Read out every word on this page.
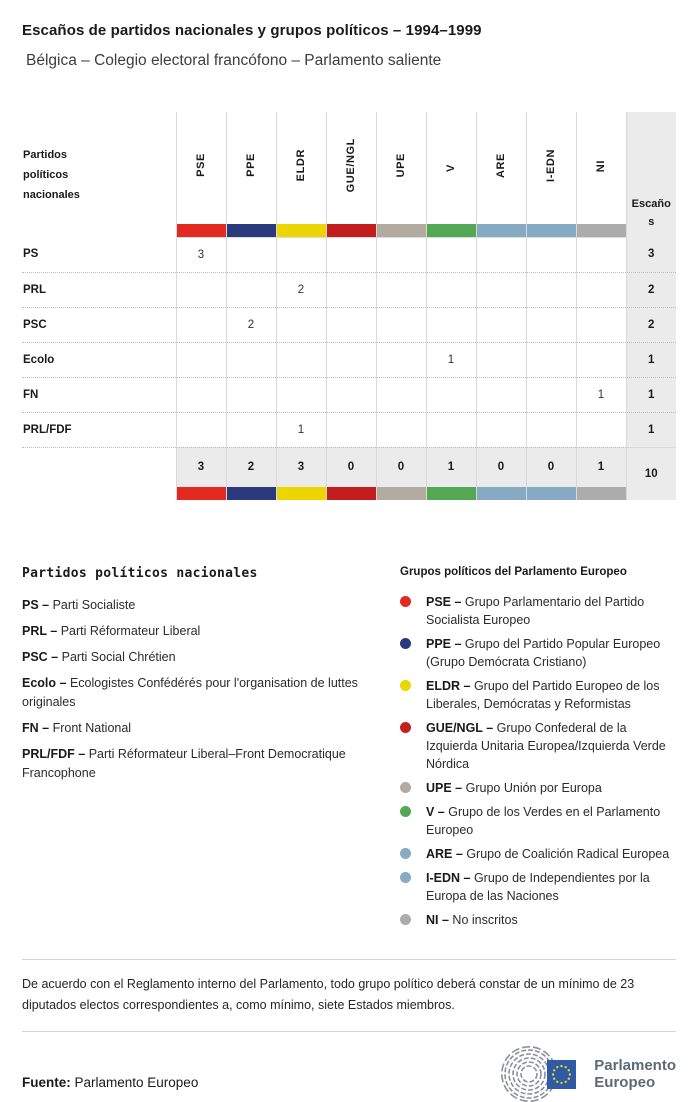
Escaños de partidos nacionales y grupos políticos – 1994–1999
Bélgica – Colegio electoral francófono – Parlamento saliente
Partidos políticos nacionales	PSE	PPE	ELDR	GUE/NGL	UPE	V	ARE	I-EDN	NI	Escaños

PS	3									3
PRL			2							2
PSC		2								2
Ecolo						1				1
FN									1	1
PRL/FDF			1							1
	3	2	3	0	0	1	0	0	1	10

Partidos políticos nacionales
PS – Parti Socialiste
PRL – Parti Réformateur Liberal
PSC – Parti Social Chrétien
Ecolo – Ecologistes Confédérés pour l'organisation de luttes originales
FN – Front National
PRL/FDF – Parti Réformateur Liberal–Front Democratique Francophone
Grupos políticos del Parlamento Europeo
PSE – Grupo Parlamentario del Partido Socialista Europeo
PPE – Grupo del Partido Popular Europeo (Grupo Demócrata Cristiano)
ELDR – Grupo del Partido Europeo de los Liberales, Demócratas y Reformistas
GUE/NGL – Grupo Confederal de la Izquierda Unitaria Europea/Izquierda Verde Nórdica
UPE – Grupo Unión por Europa
V – Grupo de los Verdes en el Parlamento Europeo
ARE – Grupo de Coalición Radical Europea
I-EDN – Grupo de Independientes por la Europa de las Naciones
NI – No inscritos
De acuerdo con el Reglamento interno del Parlamento, todo grupo político deberá constar de un mínimo de 23 diputados electos correspondientes a, como mínimo, siete Estados miembros.
Fuente: Parlamento Europeo
Parlamento
Europeo
